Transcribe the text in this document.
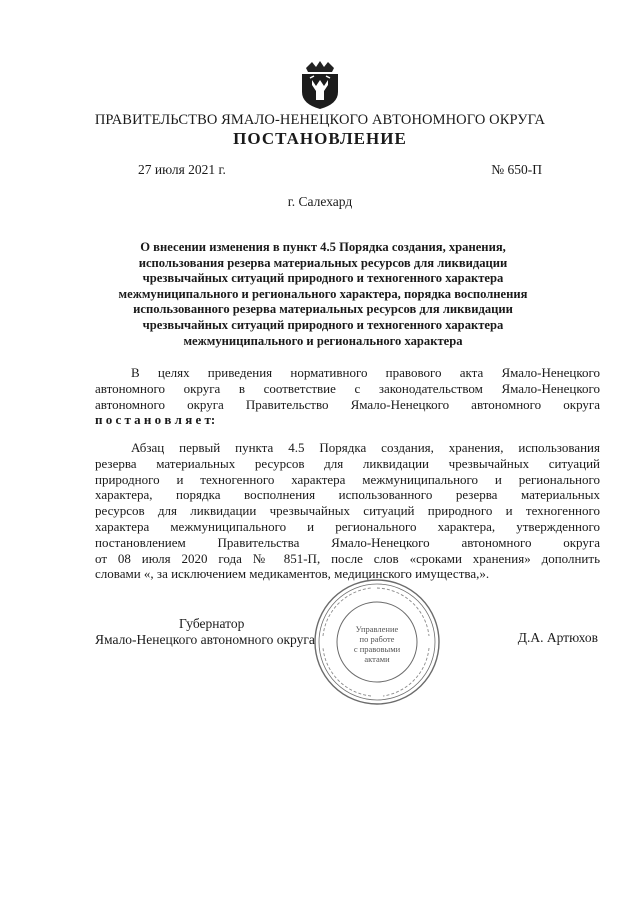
ПРАВИТЕЛЬСТВО ЯМАЛО-НЕНЕЦКОГО АВТОНОМНОГО ОКРУГА
ПОСТАНОВЛЕНИЕ
27 июля 2021 г.	№ 650-П
г. Салехард
О внесении изменения в пункт 4.5 Порядка создания, хранения,
использования резерва материальных ресурсов для ликвидации
чрезвычайных ситуаций природного и техногенного характера
межмуниципального и регионального характера, порядка восполнения
использованного резерва материальных ресурсов для ликвидации
чрезвычайных ситуаций природного и техногенного характера
межмуниципального и регионального характера
В целях приведения нормативного правового акта Ямало-Ненецкого
автономного округа в соответствие с законодательством Ямало-Ненецкого
автономного округа Правительство Ямало-Ненецкого автономного округа
п о с т а н о в л я е т:
Абзац первый пункта 4.5 Порядка создания, хранения, использования
резерва материальных ресурсов для ликвидации чрезвычайных ситуаций
природного и техногенного характера межмуниципального и регионального
характера, порядка восполнения использованного резерва материальных
ресурсов для ликвидации чрезвычайных ситуаций природного и техногенного
характера межмуниципального и регионального характера, утвержденного
постановлением Правительства Ямало-Ненецкого автономного округа
от 08 июля 2020 года № 851-П, после слов «сроками хранения» дополнить
словами «, за исключением медикаментов, медицинского имущества,».
Губернатор
Ямало-Ненецкого автономного округа	Д.А. Артюхов
Управление
по работе
с правовыми
актами
